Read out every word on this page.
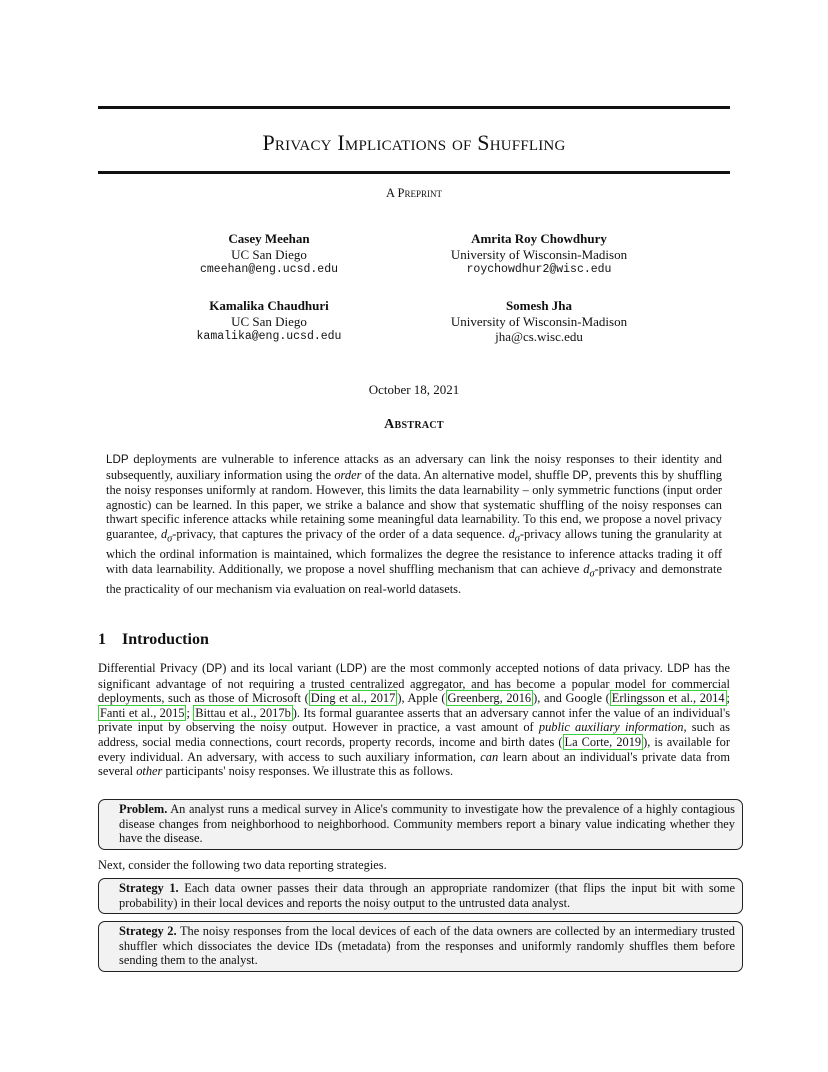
Privacy Implications of Shuffling
A Preprint
Casey Meehan
UC San Diego
cmeehan@eng.ucsd.edu
Amrita Roy Chowdhury
University of Wisconsin-Madison
roychowdhur2@wisc.edu
Kamalika Chaudhuri
UC San Diego
kamalika@eng.ucsd.edu
Somesh Jha
University of Wisconsin-Madison
jha@cs.wisc.edu
October 18, 2021
Abstract
LDP deployments are vulnerable to inference attacks as an adversary can link the noisy responses to their identity and subsequently, auxiliary information using the order of the data. An alternative model, shuffle DP, prevents this by shuffling the noisy responses uniformly at random. However, this limits the data learnability – only symmetric functions (input order agnostic) can be learned. In this paper, we strike a balance and show that systematic shuffling of the noisy responses can thwart specific inference attacks while retaining some meaningful data learnability. To this end, we propose a novel privacy guarantee, $d_\sigma$-privacy, that captures the privacy of the order of a data sequence. $d_\sigma$-privacy allows tuning the granularity at which the ordinal information is maintained, which formalizes the degree the resistance to inference attacks trading it off with data learnability. Additionally, we propose a novel shuffling mechanism that can achieve $d_\sigma$-privacy and demonstrate the practicality of our mechanism via evaluation on real-world datasets.
1 Introduction
Differential Privacy (DP) and its local variant (LDP) are the most commonly accepted notions of data privacy. LDP has the significant advantage of not requiring a trusted centralized aggregator, and has become a popular model for commercial deployments, such as those of Microsoft ( Ding et al., 2017 ), Apple ( Greenberg, 2016 ), and Google ( Erlingsson et al., 2014 ; Fanti et al., 2015 ; Bittau et al., 2017b ). Its formal guarantee asserts that an adversary cannot infer the value of an individual's private input by observing the noisy output. However in practice, a vast amount of public auxiliary information, such as address, social media connections, court records, property records, income and birth dates ( La Corte, 2019 ), is available for every individual. An adversary, with access to such auxiliary information, can learn about an individual's private data from several other participants' noisy responses. We illustrate this as follows.
Problem. An analyst runs a medical survey in Alice's community to investigate how the prevalence of a highly contagious disease changes from neighborhood to neighborhood. Community members report a binary value indicating whether they have the disease.
Next, consider the following two data reporting strategies.
Strategy 1. Each data owner passes their data through an appropriate randomizer (that flips the input bit with some probability) in their local devices and reports the noisy output to the untrusted data analyst.
Strategy 2. The noisy responses from the local devices of each of the data owners are collected by an intermediary trusted shuffler which dissociates the device IDs (metadata) from the responses and uniformly randomly shuffles them before sending them to the analyst.
